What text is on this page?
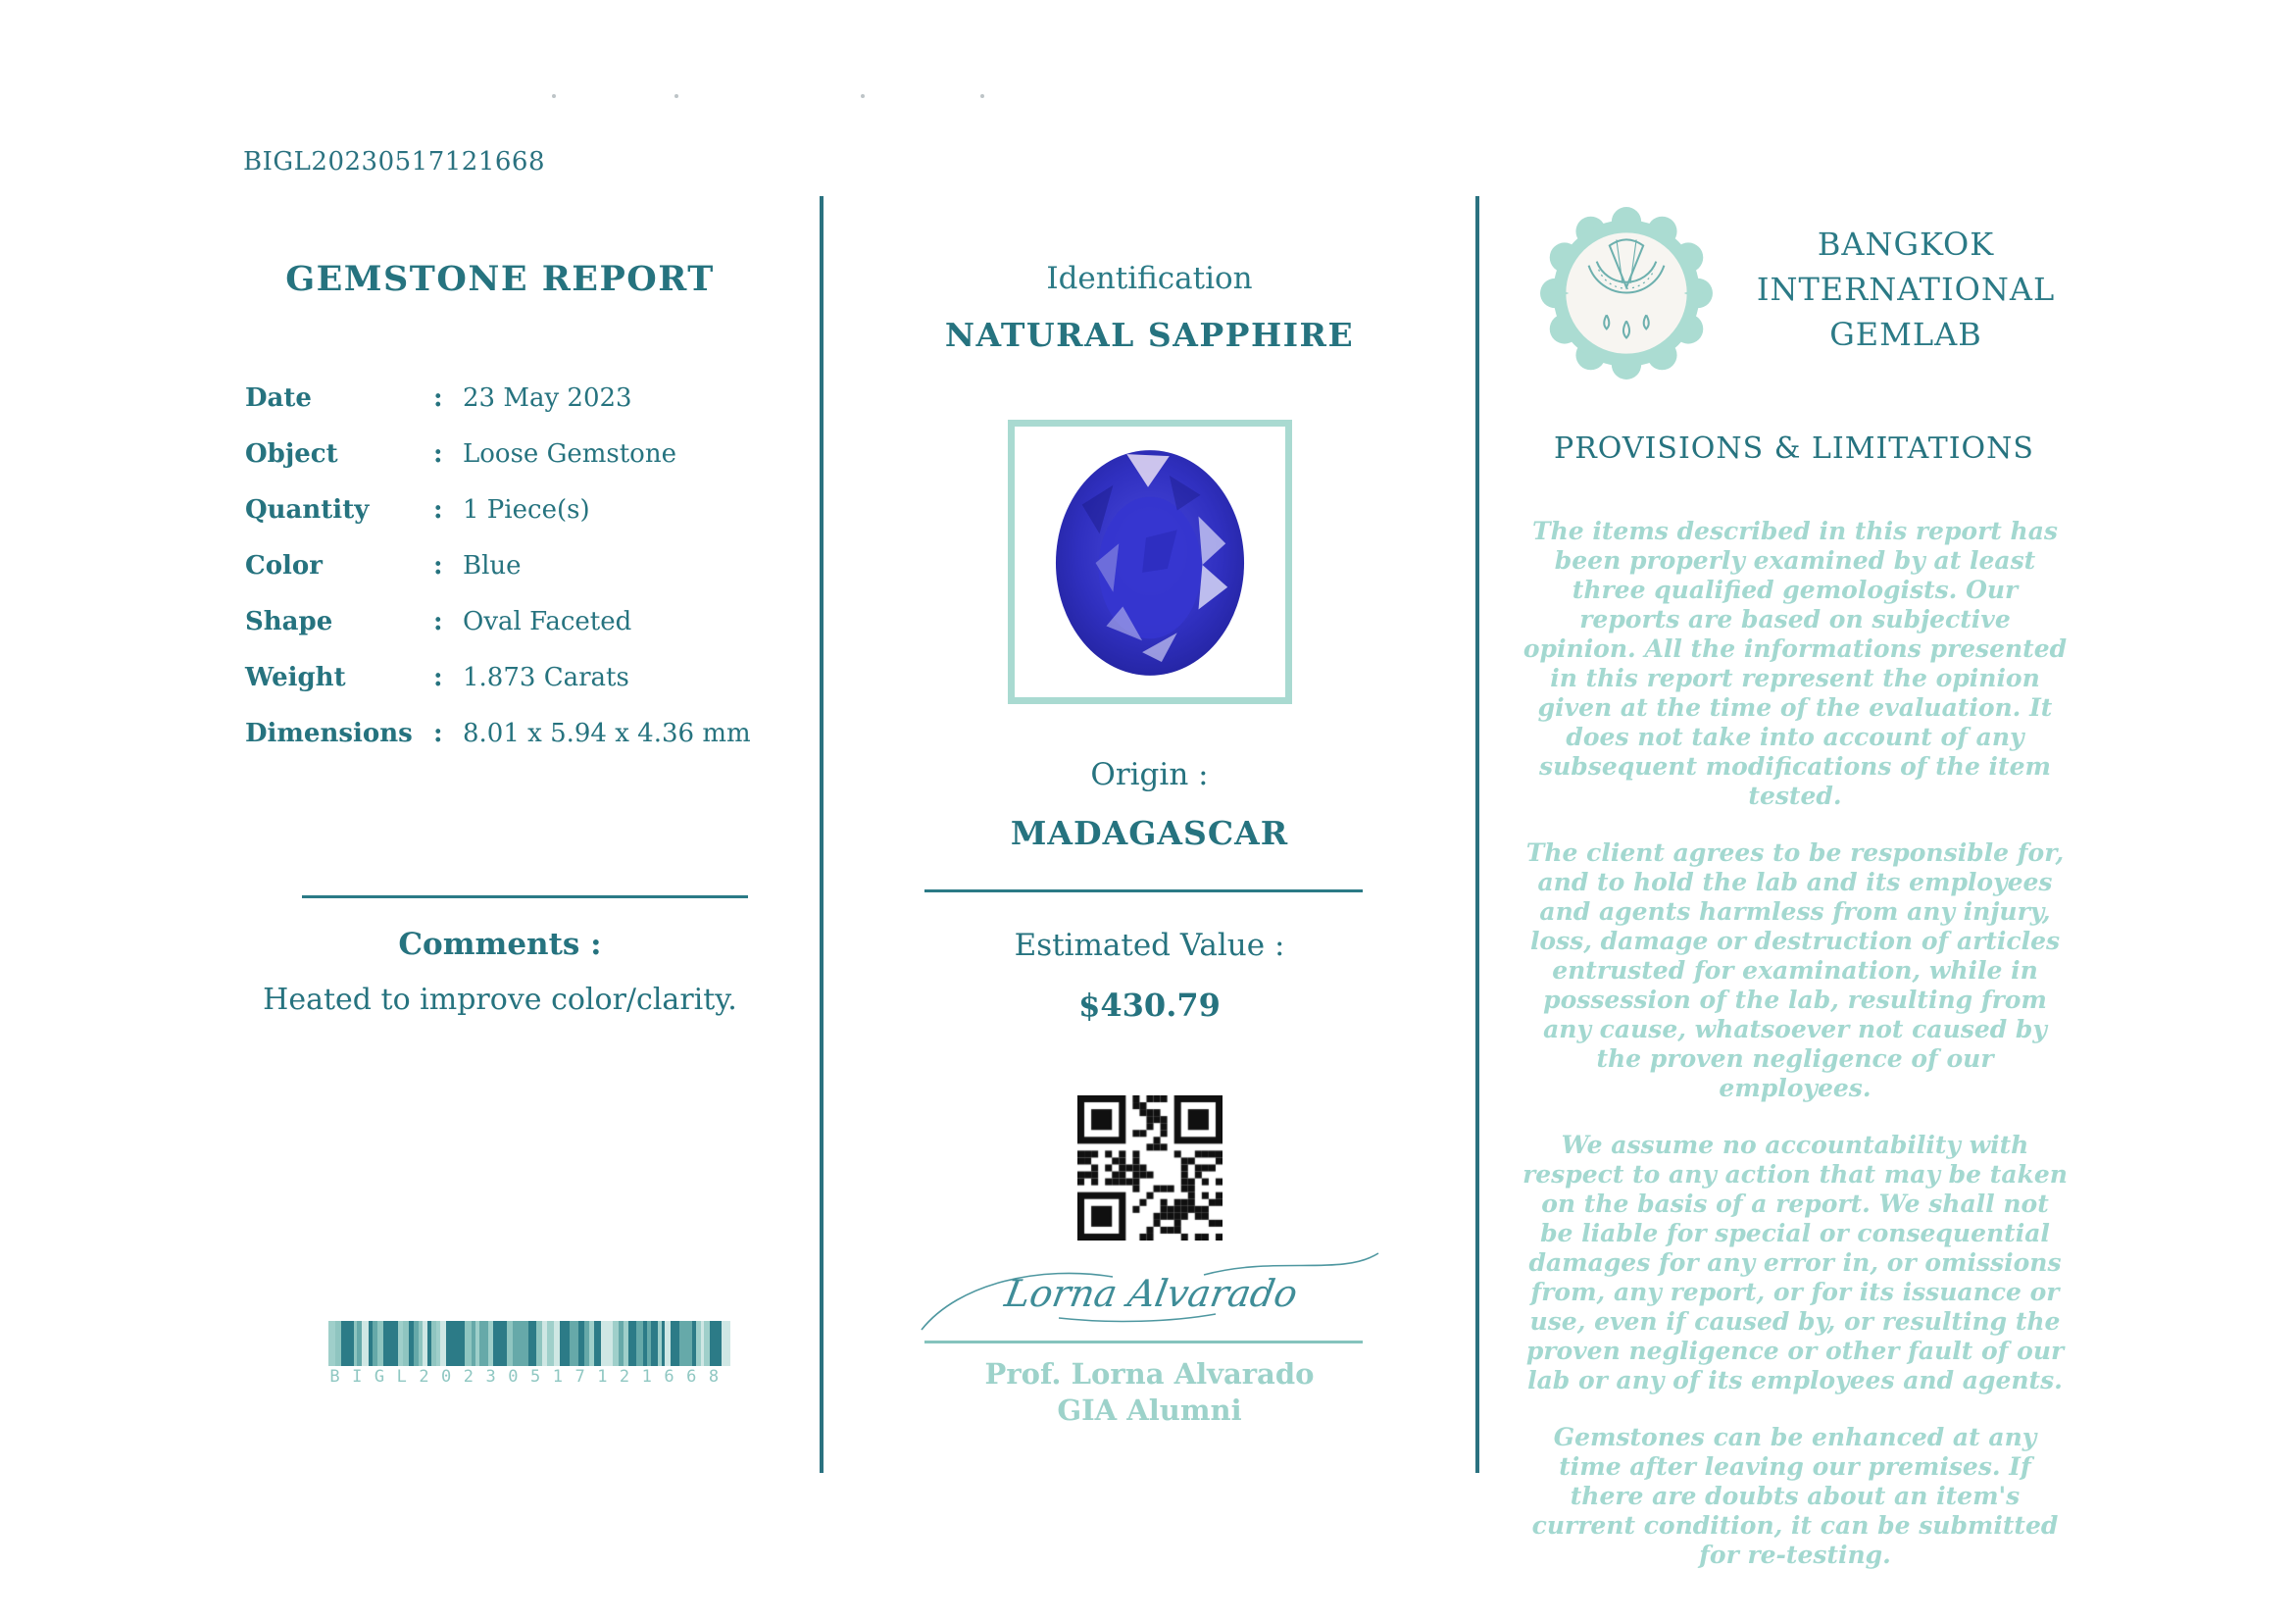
BIGL20230517121668
GEMSTONE REPORT
Date	: 23 May 2023
Object	: Loose Gemstone
Quantity	: 1 Piece(s)
Color	: Blue
Shape	: Oval Faceted
Weight	: 1.873 Carats
Dimensions : 8.01 x 5.94 x 4.36 mm
Comments :
Heated to improve color/clarity.
BIGL20230517121668
Identification
NATURAL SAPPHIRE
Origin :
MADAGASCAR
Estimated Value :
$430.79
Lorna Alvarado
Prof. Lorna Alvarado
GIA Alumni
BANGKOK
INTERNATIONAL
GEMLAB
PROVISIONS & LIMITATIONS

The items described in this report has been properly examined by at least three qualified gemologists. Our reports are based on subjective opinion. All the informations presented in this report represent the opinion given at the time of the evaluation. It does not take into account of any subsequent modifications of the item tested.

The client agrees to be responsible for, and to hold the lab and its employees and agents harmless from any injury, loss, damage or destruction of articles entrusted for examination, while in possession of the lab, resulting from any cause, whatsoever not caused by the proven negligence of our employees.

We assume no accountability with respect to any action that may be taken on the basis of a report. We shall not be liable for special or consequential damages for any error in, or omissions from, any report, or for its issuance or use, even if caused by, or resulting the proven negligence or other fault of our lab or any of its employees and agents.

Gemstones can be enhanced at any time after leaving our premises. If there are doubts about an item's current condition, it can be submitted for re-testing.
